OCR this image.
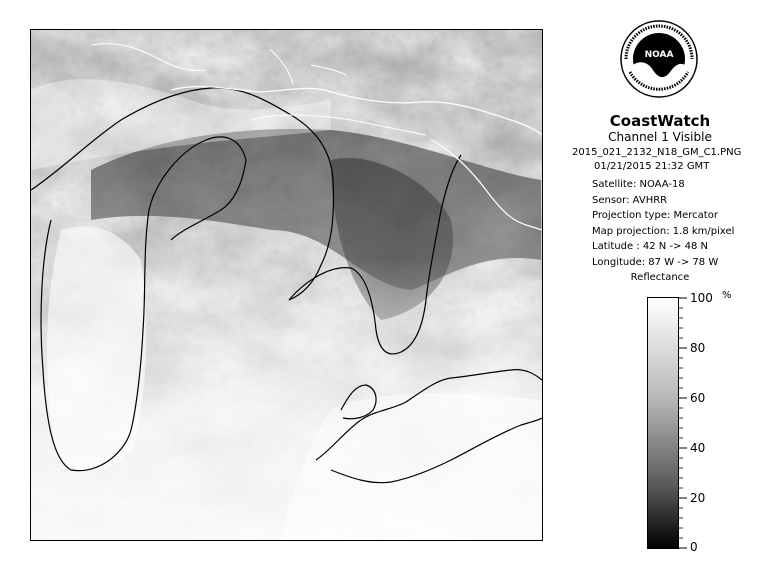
NOAA
CoastWatch
Channel 1 Visible
2015_021_2132_N18_GM_C1.PNG
01/21/2015 21:32 GMT
Satellite: NOAA-18
Sensor: AVHRR
Projection type: Mercator
Map projection: 1.8 km/pixel
Latitude : 42 N -> 48 N
Longitude: 87 W -> 78 W
Reflectance
100
80
60
40
20
0
%
